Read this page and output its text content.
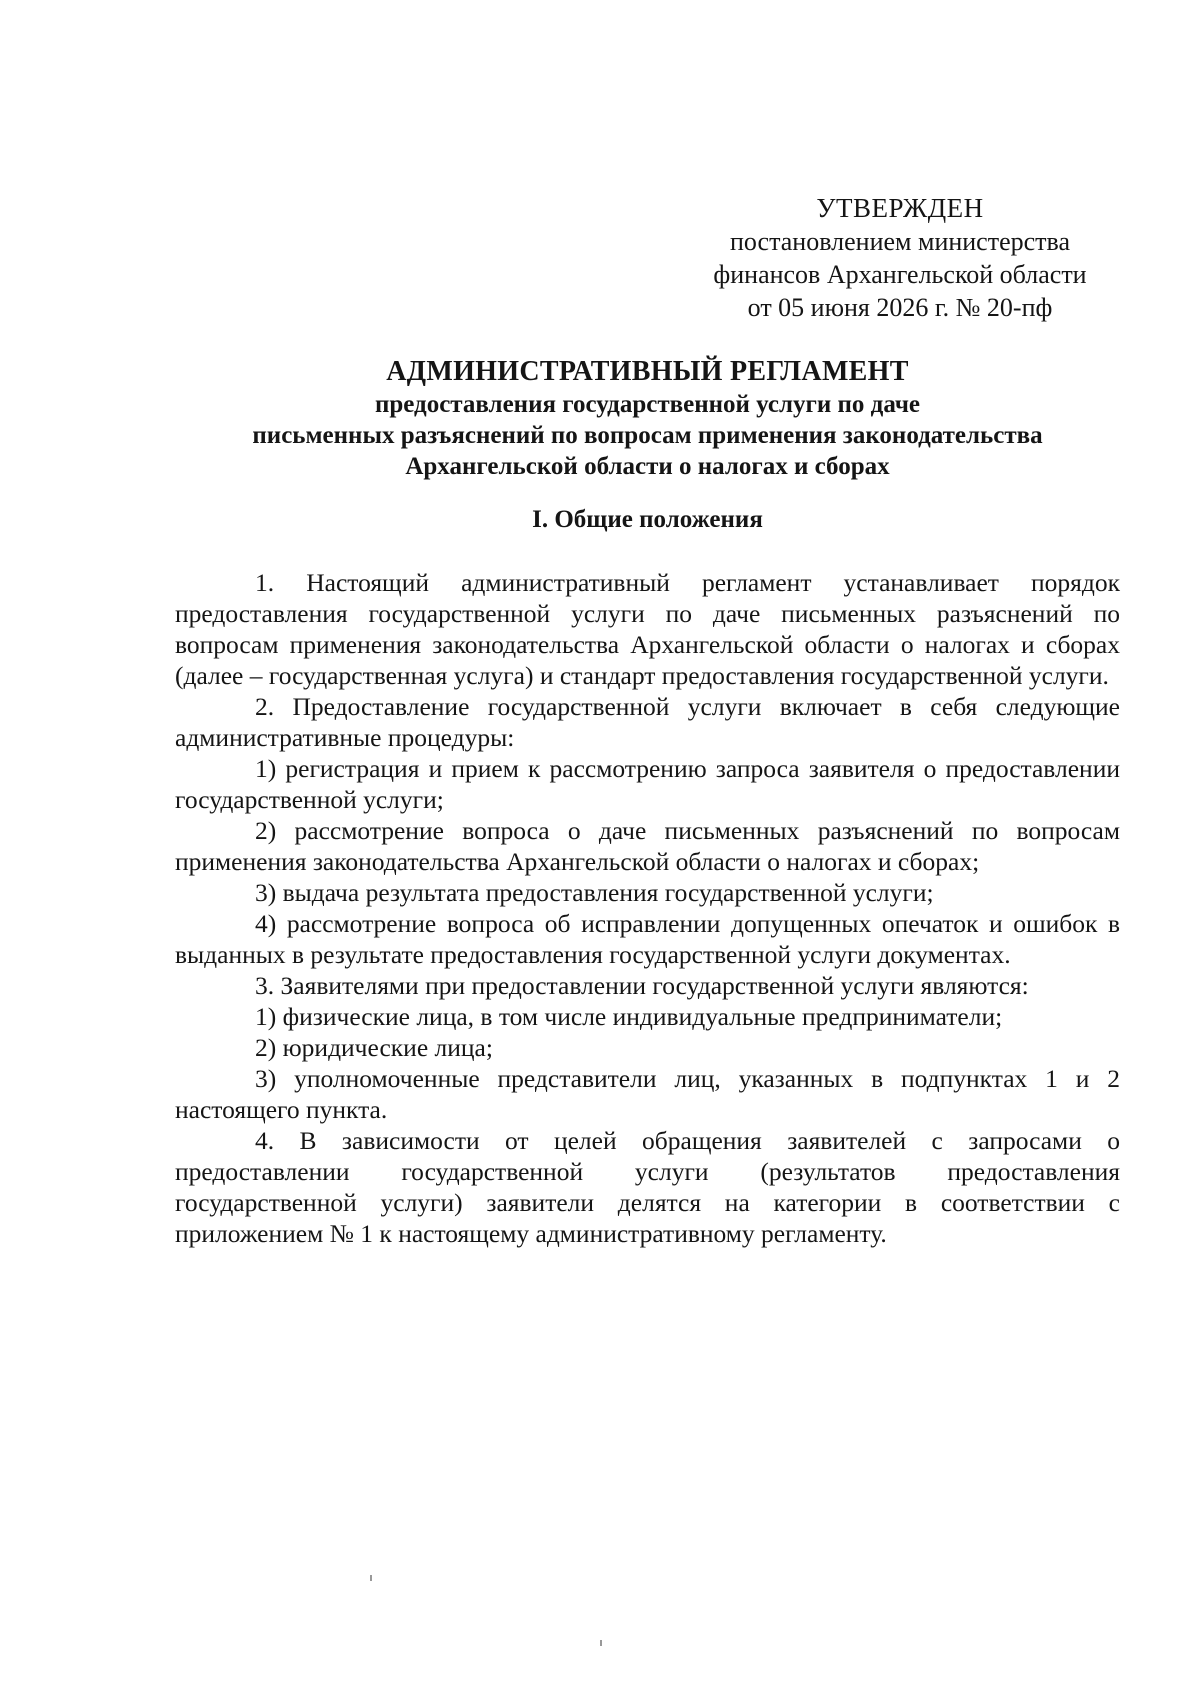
УТВЕРЖДЕН
постановлением министерства
финансов Архангельской области
от 05 июня 2026 г. № 20-пф
АДМИНИСТРАТИВНЫЙ РЕГЛАМЕНТ
предоставления государственной услуги по даче
письменных разъяснений по вопросам применения законодательства
Архангельской области о налогах и сборах
I. Общие положения

1. Настоящий административный регламент устанавливает порядок предоставления государственной услуги по даче письменных разъяснений по вопросам применения законодательства Архангельской области о налогах и сборах (далее – государственная услуга) и стандарт предоставления государственной услуги.

2. Предоставление государственной услуги включает в себя следующие административные процедуры:

1) регистрация и прием к рассмотрению запроса заявителя о предоставлении государственной услуги;

2) рассмотрение вопроса о даче письменных разъяснений по вопросам применения законодательства Архангельской области о налогах и сборах;

3) выдача результата предоставления государственной услуги;

4) рассмотрение вопроса об исправлении допущенных опечаток и ошибок в выданных в результате предоставления государственной услуги документах.

3. Заявителями при предоставлении государственной услуги являются:

1) физические лица, в том числе индивидуальные предприниматели;

2) юридические лица;

3) уполномоченные представители лиц, указанных в подпунктах 1 и 2 настоящего пункта.

4. В зависимости от целей обращения заявителей с запросами о предоставлении государственной услуги (результатов предоставления государственной услуги) заявители делятся на категории в соответствии с приложением № 1 к настоящему административному регламенту.
